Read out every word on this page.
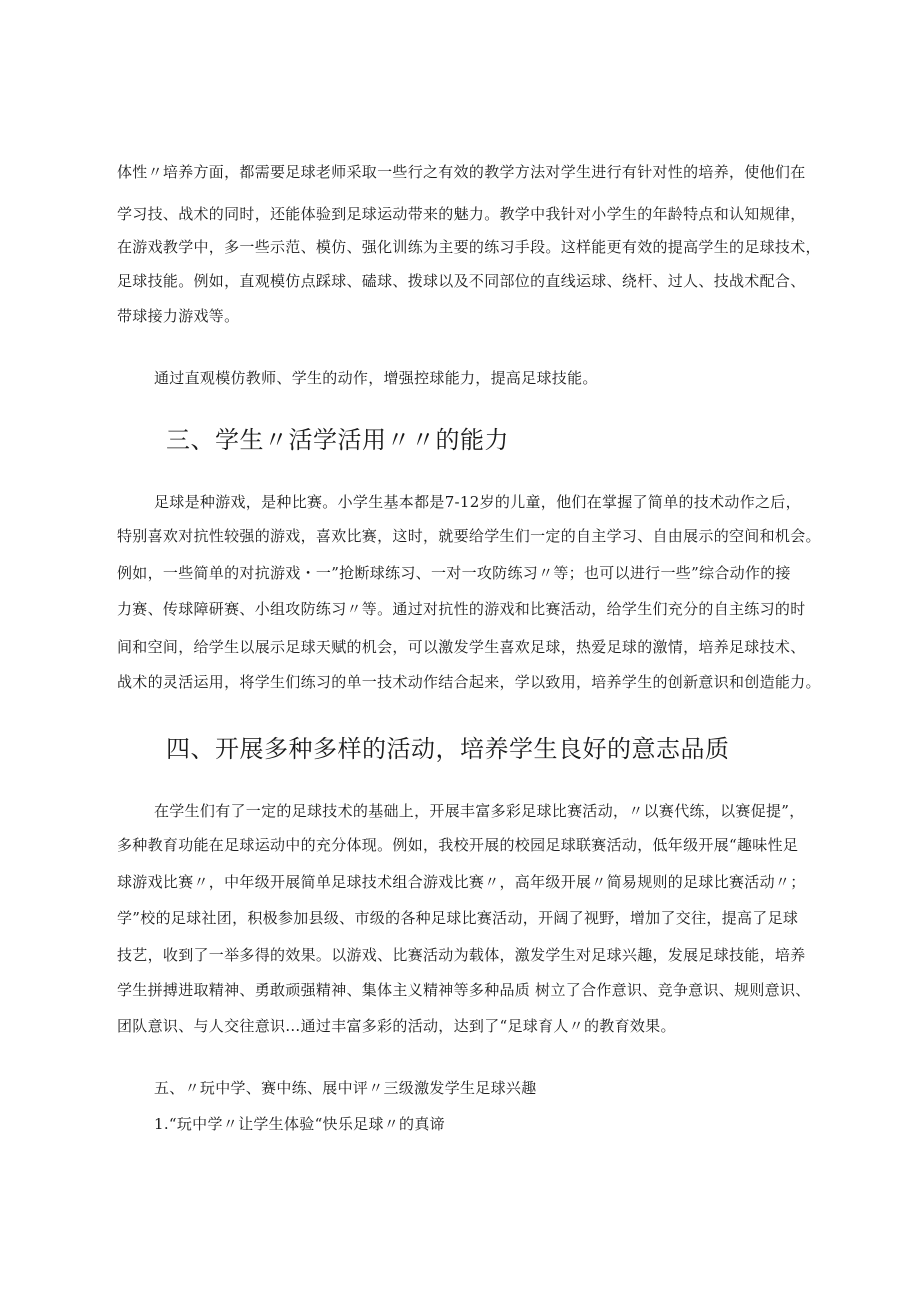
体性〃培养方面，都需要足球老师采取一些行之有效的教学方法对学生进行有针对性的培养，使他们在
学习技、战术的同时，还能体验到足球运动带来的魅力。教学中我针对小学生的年龄特点和认知规律，
在游戏教学中，多一些示范、模仿、强化训练为主要的练习手段。这样能更有效的提高学生的足球技术，
足球技能。例如，直观模仿点踩球、磕球、拨球以及不同部位的直线运球、绕杆、过人、技战术配合、
带球接力游戏等。
通过直观模仿教师、学生的动作，增强控球能力，提高足球技能。
三、学生〃活学活用〃〃的能力
足球是种游戏，是种比赛。小学生基本都是7-12岁的儿童，他们在掌握了简单的技术动作之后，
特别喜欢对抗性较强的游戏，喜欢比赛，这时，就要给学生们一定的自主学习、自由展示的空间和机会。
例如，一些简单的对抗游戏・一”抢断球练习、一对一攻防练习〃等；也可以进行一些”综合动作的接
力赛、传球障研赛、小组攻防练习〃等。通过对抗性的游戏和比赛活动，给学生们充分的自主练习的时
间和空间，给学生以展示足球天赋的机会，可以激发学生喜欢足球，热爱足球的激情，培养足球技术、
战术的灵活运用，将学生们练习的单一技术动作结合起来，学以致用，培养学生的创新意识和创造能力。
四、开展多种多样的活动，培养学生良好的意志品质
在学生们有了一定的足球技术的基础上，开展丰富多彩足球比赛活动，〃以赛代练，以赛促提”，
多种教育功能在足球运动中的充分体现。例如，我校开展的校园足球联赛活动，低年级开展“趣味性足
球游戏比赛〃，中年级开展简单足球技术组合游戏比赛〃，高年级开展〃简易规则的足球比赛活动〃；
学”校的足球社团，积极参加县级、市级的各种足球比赛活动，开阔了视野，增加了交往，提高了足球
技艺，收到了一举多得的效果。以游戏、比赛活动为载体，激发学生对足球兴趣，发展足球技能，培养
学生拼搏进取精神、勇敢顽强精神、集体主义精神等多种品质 树立了合作意识、竞争意识、规则意识、
团队意识、与人交往意识…通过丰富多彩的活动，达到了“足球育人〃的教育效果。
五、〃玩中学、赛中练、展中评〃三级激发学生足球兴趣
1.“玩中学〃让学生体验“快乐足球〃的真谛
